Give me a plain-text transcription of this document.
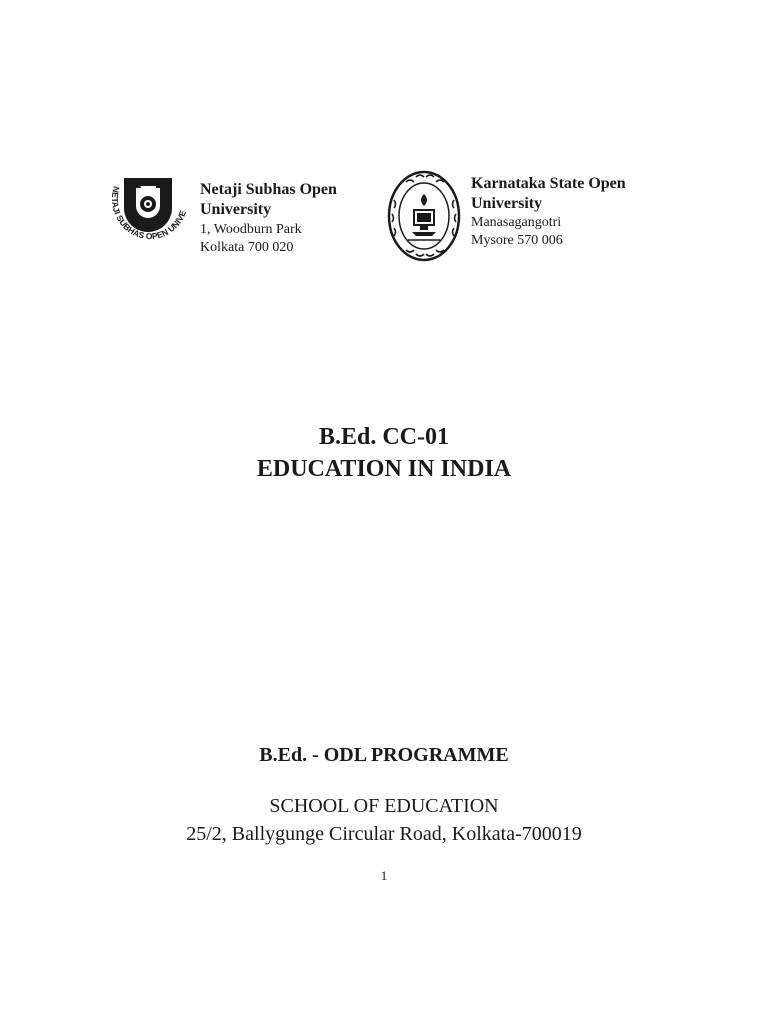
NETAJI SUBHAS OPEN UNIVE
Netaji Subhas Open
University
1, Woodburn Park
Kolkata 700 020
Karnataka State Open
University
Manasagangotri
Mysore 570 006
B.Ed. CC-01
EDUCATION IN INDIA
B.Ed. - ODL PROGRAMME
SCHOOL OF EDUCATION
25/2, Ballygunge Circular Road, Kolkata-700019
1
